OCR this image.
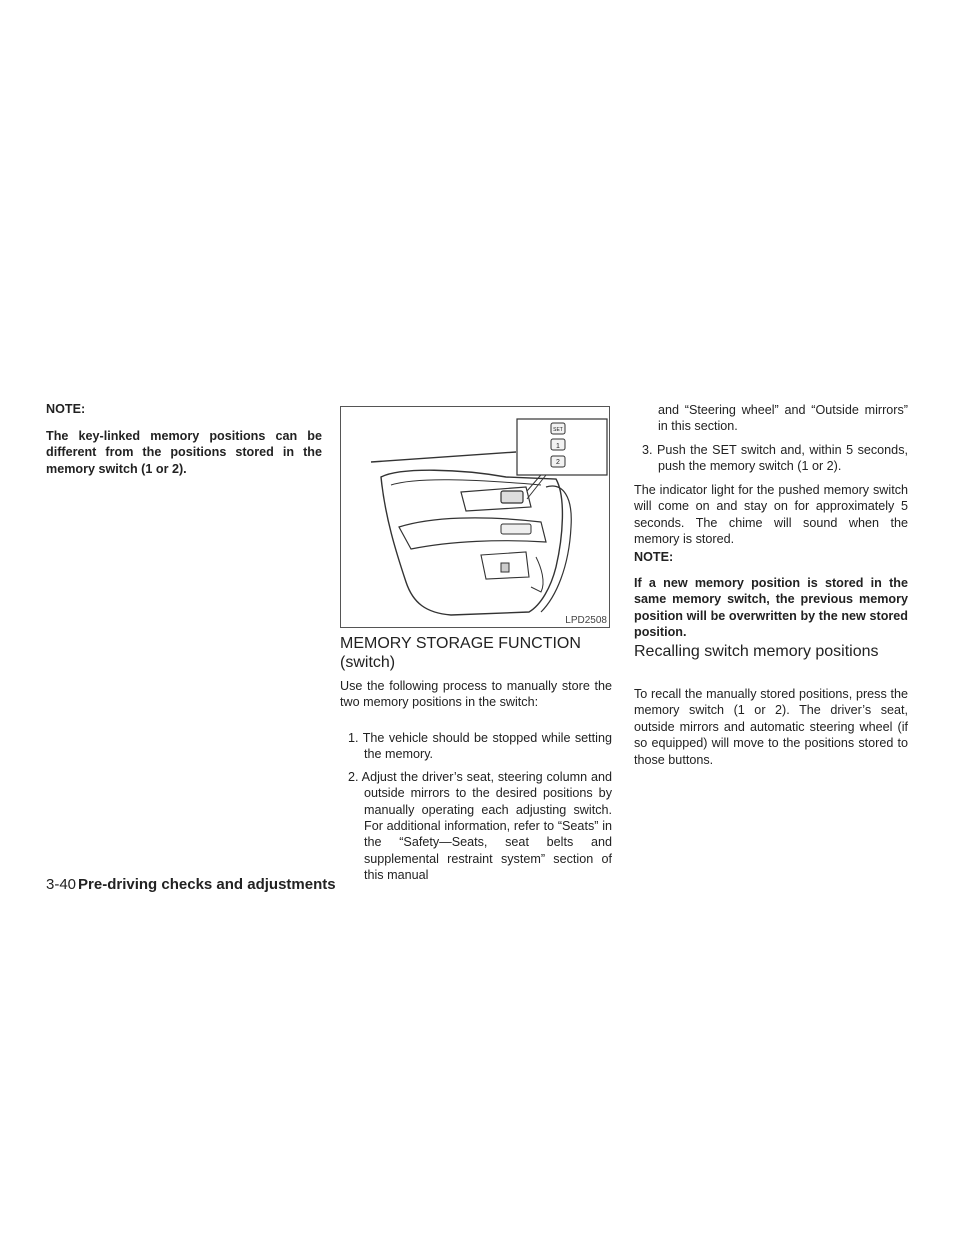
NOTE:

The key-linked memory positions can be different from the positions stored in the memory switch (1 or 2).

SET
1
2
LPD2508
MEMORY STORAGE FUNCTION (switch)

Use the following process to manually store the two memory positions in the switch:

1. The vehicle should be stopped while setting the memory.
2. Adjust the driver’s seat, steering column and outside mirrors to the desired positions by manually operating each adjusting switch. For additional information, refer to “Seats” in the “Safety—Seats, seat belts and supplemental restraint system” section of this manual

and “Steering wheel” and “Outside mirrors” in this section.

3. Push the SET switch and, within 5 seconds, push the memory switch (1 or 2).

The indicator light for the pushed memory switch will come on and stay on for approximately 5 seconds. The chime will sound when the memory is stored.

NOTE:

If a new memory position is stored in the same memory switch, the previous memory position will be overwritten by the new stored position.

Recalling switch memory positions

To recall the manually stored positions, press the memory switch (1 or 2). The driver’s seat, outside mirrors and automatic steering wheel (if so equipped) will move to the positions stored to those buttons.

3-40 Pre-driving checks and adjustments
